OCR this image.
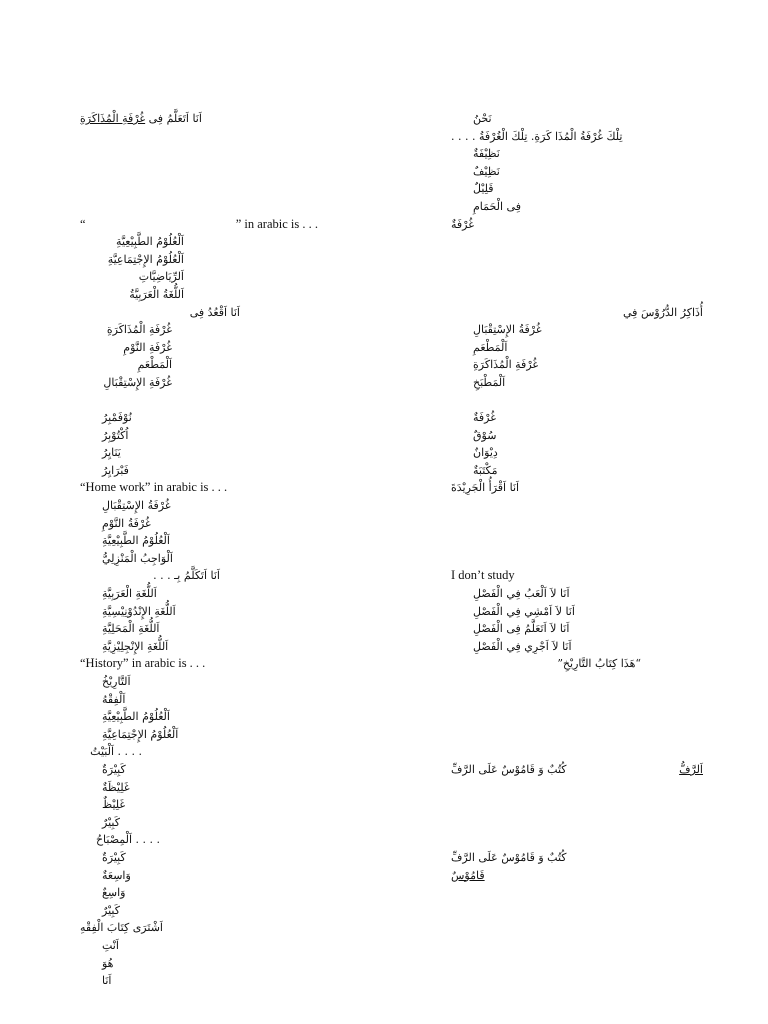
اَنَا اَتَعَلَّمُ فِى غُرْفَةِ الْمُذَاكَرَةِ
“	” in arabic is . . .
اَلْعُلُوْمُ الطَّبِيْعِيَّةِ
اَلْعُلُوْمُ الإِجْتِمَاعِيَّةِ
اَلرِّيَاضِيَّاتِ
اَللُّغَةُ الْعَرَبِيَّةُ
اَنَا اَقْعُدُ فِى
غُرْفَةِ الْمُذَاكَرَةِ
غُرْفَةِ النَّوْمِ
اَلْمَطْعَمِ
غُرْفَةِ الإِسْتِقْبَالِ
نُوْفَمْبِرُ
اُكْتُوْبِرُ
يَنَايِرُ
فَبْرَايِرُ
“Home work” in arabic is . . .
غُرْفَةُ الإِسْتِقْبَالِ
غُرْفَةُ النَّوْمِ
اَلْعُلُوْمُ الطَّبِيْعِيَّةِ
اَلْوَاجِبُ الْمَنْزِلِيُّ
اَنَا اَتَكَلَّمُ بِـ . . .
اَللُّغَةِ الْعَرَبِيَّةِ
اَللُّغَةِ الإِنْدُوْنِيْسِيَّةِ
اَللُّغَةِ الْمَحَلِيَّةِ
اَللُّغَةِ الإِنْجِلِيْزِيَّةِ
“History” in arabic is . . .
اَلتَّارِيْخُ
اَلْفِقْهُ
اَلْعُلُوْمُ الطَّبِيْعِيَّةِ
اَلْعُلُوْمُ الإِجْتِمَاعِيَّةِ
. . . . اَلْبَيْتُ
كَبِيْرَةٌ
غَلِيْظَةٌ
غَلِيْظٌ
كَبِيْرٌ
. . . . اَلْمِصْبَاحُ
كَبِيْرَةٌ
وَاسِعَةٌ
وَاسِعٌ
كَبِيْرٌ
اَشْتَرَى كِتَابَ الْفِقْهِ
اَنْتِ
هُوَ
اَنَا
نَحْنُ
تِلْكَ غُرْفَةُ الْمُذَا كَرَةِ. تِلْكَ الْغُرْفَةُ . . . .
نَظِيْفَةٌ
نَظِيْفٌ
قَلِيْلٌ
فِى الْحَمَامِ
غُرْفَةٌ
أُذَاكِرُ الدُّرُوْسَ فِي
غُرْفَةُ الإِسْتِقْبَالِ
اَلْمَطْعَمِ
غُرْفَةِ الْمُذَاكَرَةِ
اَلْمَطْبَخِ
غُرْفَةٌ
سُوْقٌ
دِيْوَانٌ
مَكْتَبَةٌ
اَنَا اَقْرَأُ الْجَرِيْدَةَ
I don’t study
اَنَا لاَ اَلْعَبُ فِي الْفَصْلِ
اَنَا لاَ اَمْشِي فِي الْفَصْلِ
اَنَا لاَ اَتَعَلَّمُ فِى الْفَصْلِ
اَنَا لاَ اَجْرِي فِي الْفَصْلِ
“هَذَا كِتَابُ التَّارِيْخِ”
كُتُبٌ وَ قَامُوْسٌ عَلَى الرَّفِّ	اَلرَّفُّ
كُتُبٌ وَ قَامُوْسٌ عَلَى الرَّفِّ
قَامُوْسٌ
